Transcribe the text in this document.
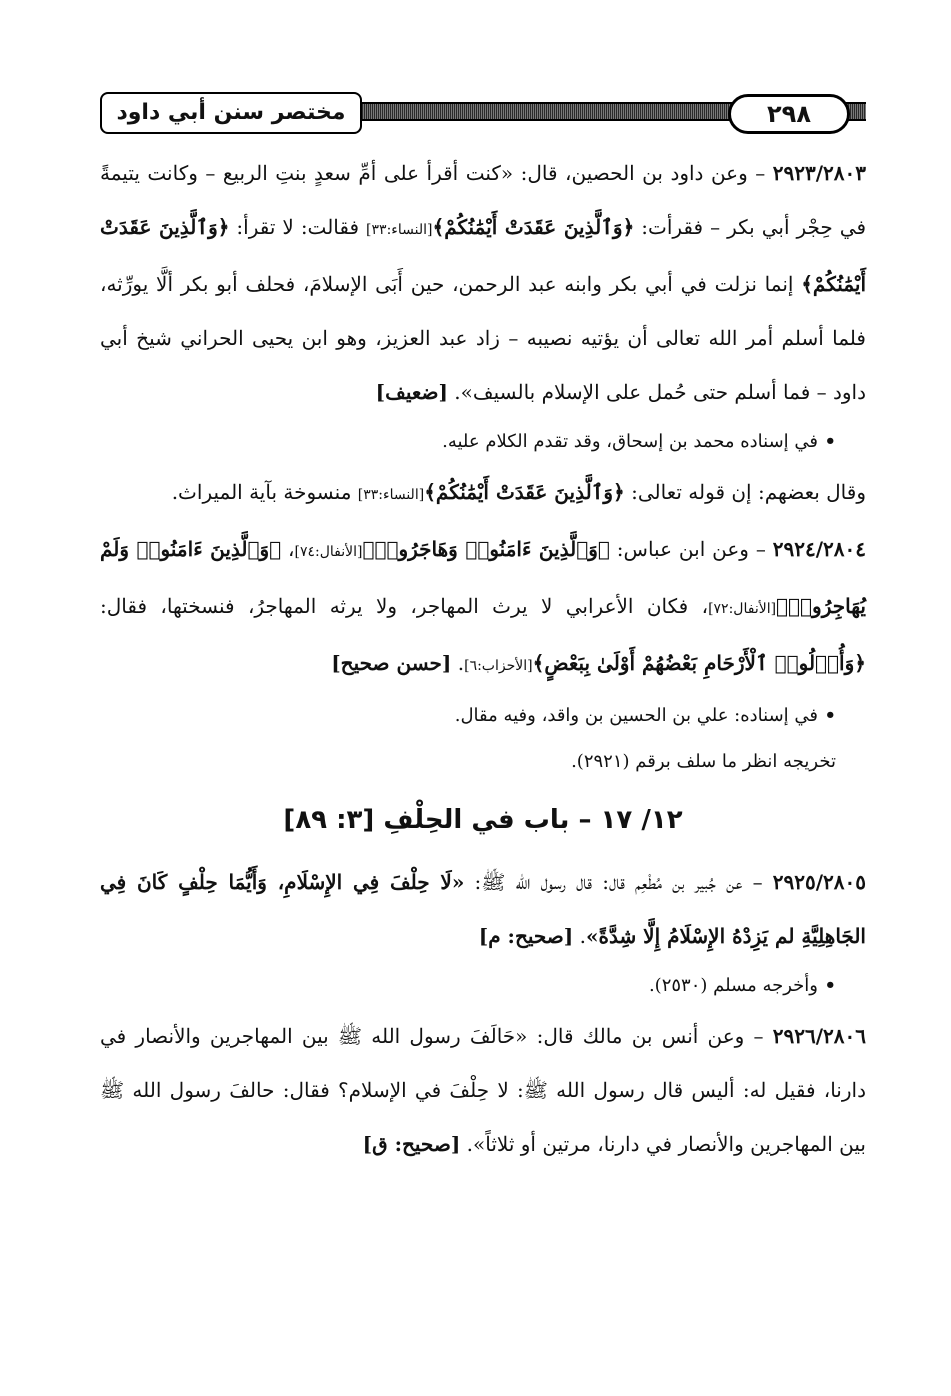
٢٩٨
مختصر سنن أبي داود

٢٩٢٣/٢٨٠٣ – وعن داود بن الحصين، قال: «كنت أقرأ على أمِّ سعدٍ بنتِ الربيع – وكانت يتيمةً في حِجْر أبي بكر – فقرأت: ﴿وَٱلَّذِينَ عَقَدَتْ أَيْمَٰنُكُمْ﴾[النساء:٣٣] فقالت: لا تقرأ: ﴿وَٱلَّذِينَ عَقَدَتْ أَيْمَٰنُكُمْ﴾ إنما نزلت في أبي بكر وابنه عبد الرحمن، حين أَبَى الإسلامَ، فحلف أبو بكر ألَّا يورِّثه، فلما أسلم أمر الله تعالى أن يؤتيه نصيبه – زاد عبد العزيز، وهو ابن يحيى الحراني شيخ أبي داود – فما أسلم حتى حُمل على الإسلام بالسيف». [ضعيف]

•في إسناده محمد بن إسحاق، وقد تقدم الكلام عليه.

وقال بعضهم: إن قوله تعالى: ﴿وَٱلَّذِينَ عَقَدَتْ أَيْمَٰنُكُمْ﴾[النساء:٣٣] منسوخة بآية الميراث.

٢٩٢٤/٢٨٠٤ – وعن ابن عباس: ﴿وَٱلَّذِينَ ءَامَنُوا۟ وَهَاجَرُوا۟﴾[الأنفال:٧٤]، ﴿وَٱلَّذِينَ ءَامَنُوا۟ وَلَمْ يُهَاجِرُوا۟﴾[الأنفال:٧٢]، فكان الأعرابي لا يرث المهاجر، ولا يرثه المهاجرُ، فنسختها، فقال: ﴿وَأُو۟لُوا۟ ٱلْأَرْحَامِ بَعْضُهُمْ أَوْلَىٰ بِبَعْضٍ﴾[الأحزاب:٦]. [حسن صحيح]

•في إسناده: علي بن الحسين بن واقد، وفيه مقال.

تخريجه انظر ما سلف برقم (٢٩٢١).

١٢/ ١٧ – باب في الحِلْفِ [٣: ٨٩]

٢٩٢٥/٢٨٠٥ – عن جُبير بن مُطْعِم قال: قال رسول الله ﷺ: «لَا حِلْفَ فِي الإِسْلَامِ، وَأَيُّمَا حِلْفٍ كَانَ فِي الجَاهِلِيَّةِ لم يَزِدْهُ الإِسْلَامُ إِلَّا شِدَّةً». [صحيح: م]

•وأخرجه مسلم (٢٥٣٠).

٢٩٢٦/٢٨٠٦ – وعن أنس بن مالك قال: «حَالَفَ رسول الله ﷺ بين المهاجرين والأنصار في دارنا، فقيل له: أليس قال رسول الله ﷺ: لا حِلْفَ في الإسلام؟ فقال: حالفَ رسول الله ﷺ بين المهاجرين والأنصار في دارنا، مرتين أو ثلاثاً». [صحيح: ق]
